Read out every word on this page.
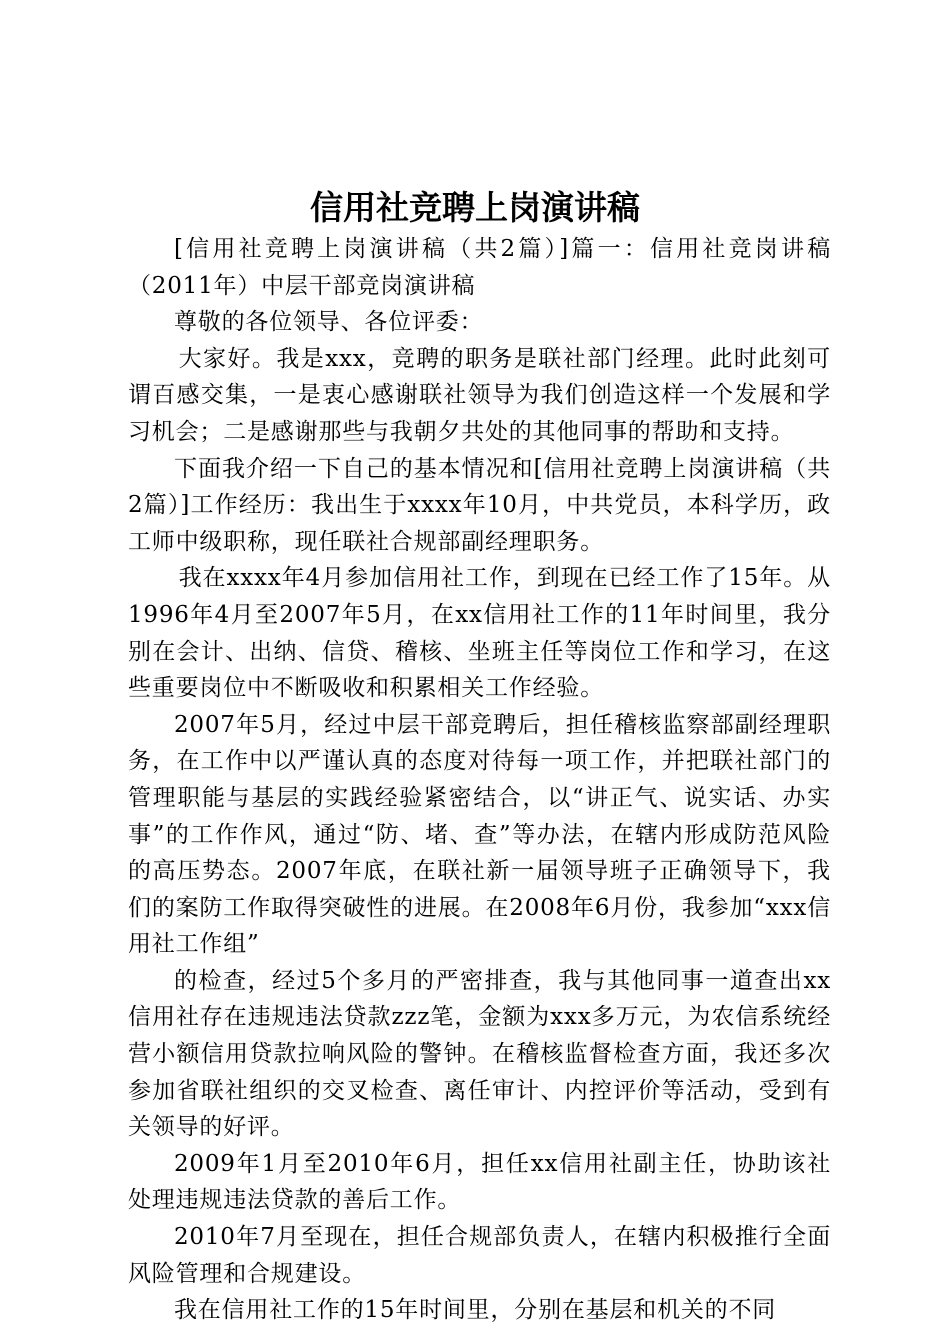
信用社竞聘上岗演讲稿

[信用社竞聘上岗演讲稿（共2篇）]篇一：信用社竞岗讲稿（2011年）中层干部竞岗演讲稿

尊敬的各位领导、各位评委：

大家好。我是xxx，竞聘的职务是联社部门经理。此时此刻可谓百感交集，一是衷心感谢联社领导为我们创造这样一个发展和学习机会；二是感谢那些与我朝夕共处的其他同事的帮助和支持。

下面我介绍一下自己的基本情况和[信用社竞聘上岗演讲稿（共2篇）]工作经历：我出生于xxxx年10月，中共党员，本科学历，政工师中级职称，现任联社合规部副经理职务。

我在xxxx年4月参加信用社工作，到现在已经工作了15年。从1996年4月至2007年5月，在xx信用社工作的11年时间里，我分别在会计、出纳、信贷、稽核、坐班主任等岗位工作和学习，在这些重要岗位中不断吸收和积累相关工作经验。

2007年5月，经过中层干部竞聘后，担任稽核监察部副经理职务，在工作中以严谨认真的态度对待每一项工作，并把联社部门的管理职能与基层的实践经验紧密结合，以“讲正气、说实话、办实事”的工作作风，通过“防、堵、查”等办法，在辖内形成防范风险的高压势态。2007年底，在联社新一届领导班子正确领导下，我们的案防工作取得突破性的进展。在2008年6月份，我参加“xxx信用社工作组”

的检查，经过5个多月的严密排查，我与其他同事一道查出xx信用社存在违规违法贷款zzz笔，金额为xxx多万元，为农信系统经营小额信用贷款拉响风险的警钟。在稽核监督检查方面，我还多次参加省联社组织的交叉检查、离任审计、内控评价等活动，受到有关领导的好评。

2009年1月至2010年6月，担任xx信用社副主任，协助该社处理违规违法贷款的善后工作。

2010年7月至现在，担任合规部负责人，在辖内积极推行全面风险管理和合规建设。

我在信用社工作的15年时间里，分别在基层和机关的不同
